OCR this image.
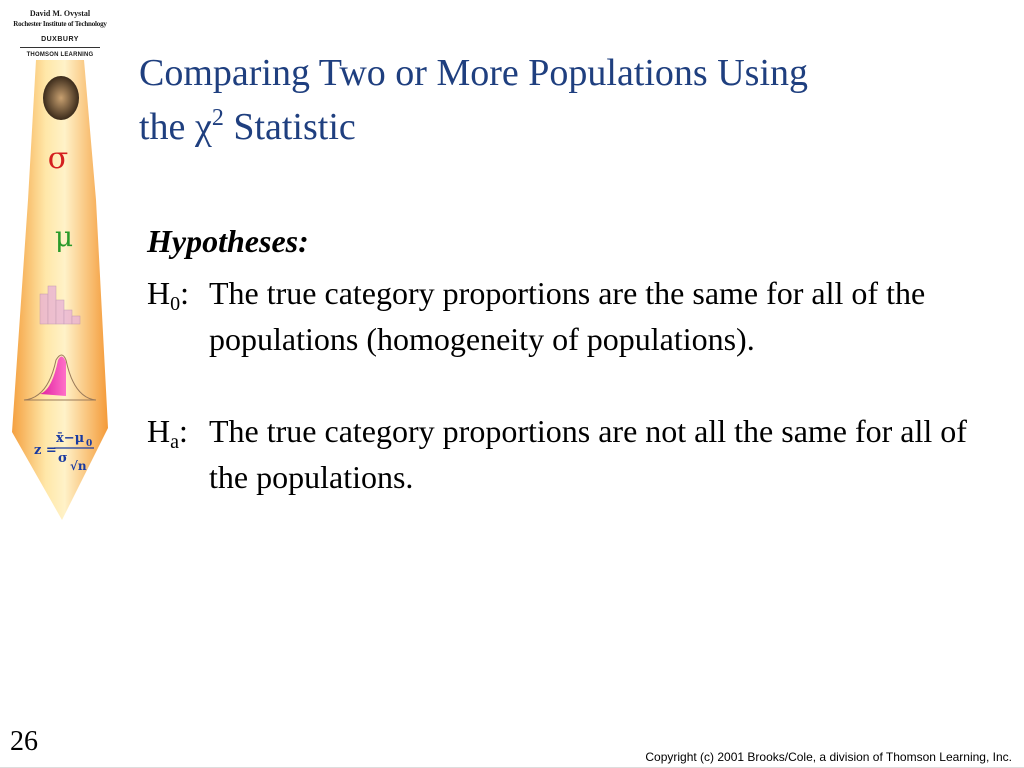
David M. Ovystal
Rochester Institute of Technology
DUXBURY
THOMSON LEARNING
σ
μ
z =
x̄−μ 0
σ √n
Comparing Two or More Populations Using
the $\chi^2$ Statistic

Hypotheses:

$H_0$: The true category proportions are the same for all of the populations (homogeneity of populations).
$H_a$: The true category proportions are not all the same for all of the populations.
26	Copyright (c) 2001 Brooks/Cole, a division of Thomson Learning, Inc.
